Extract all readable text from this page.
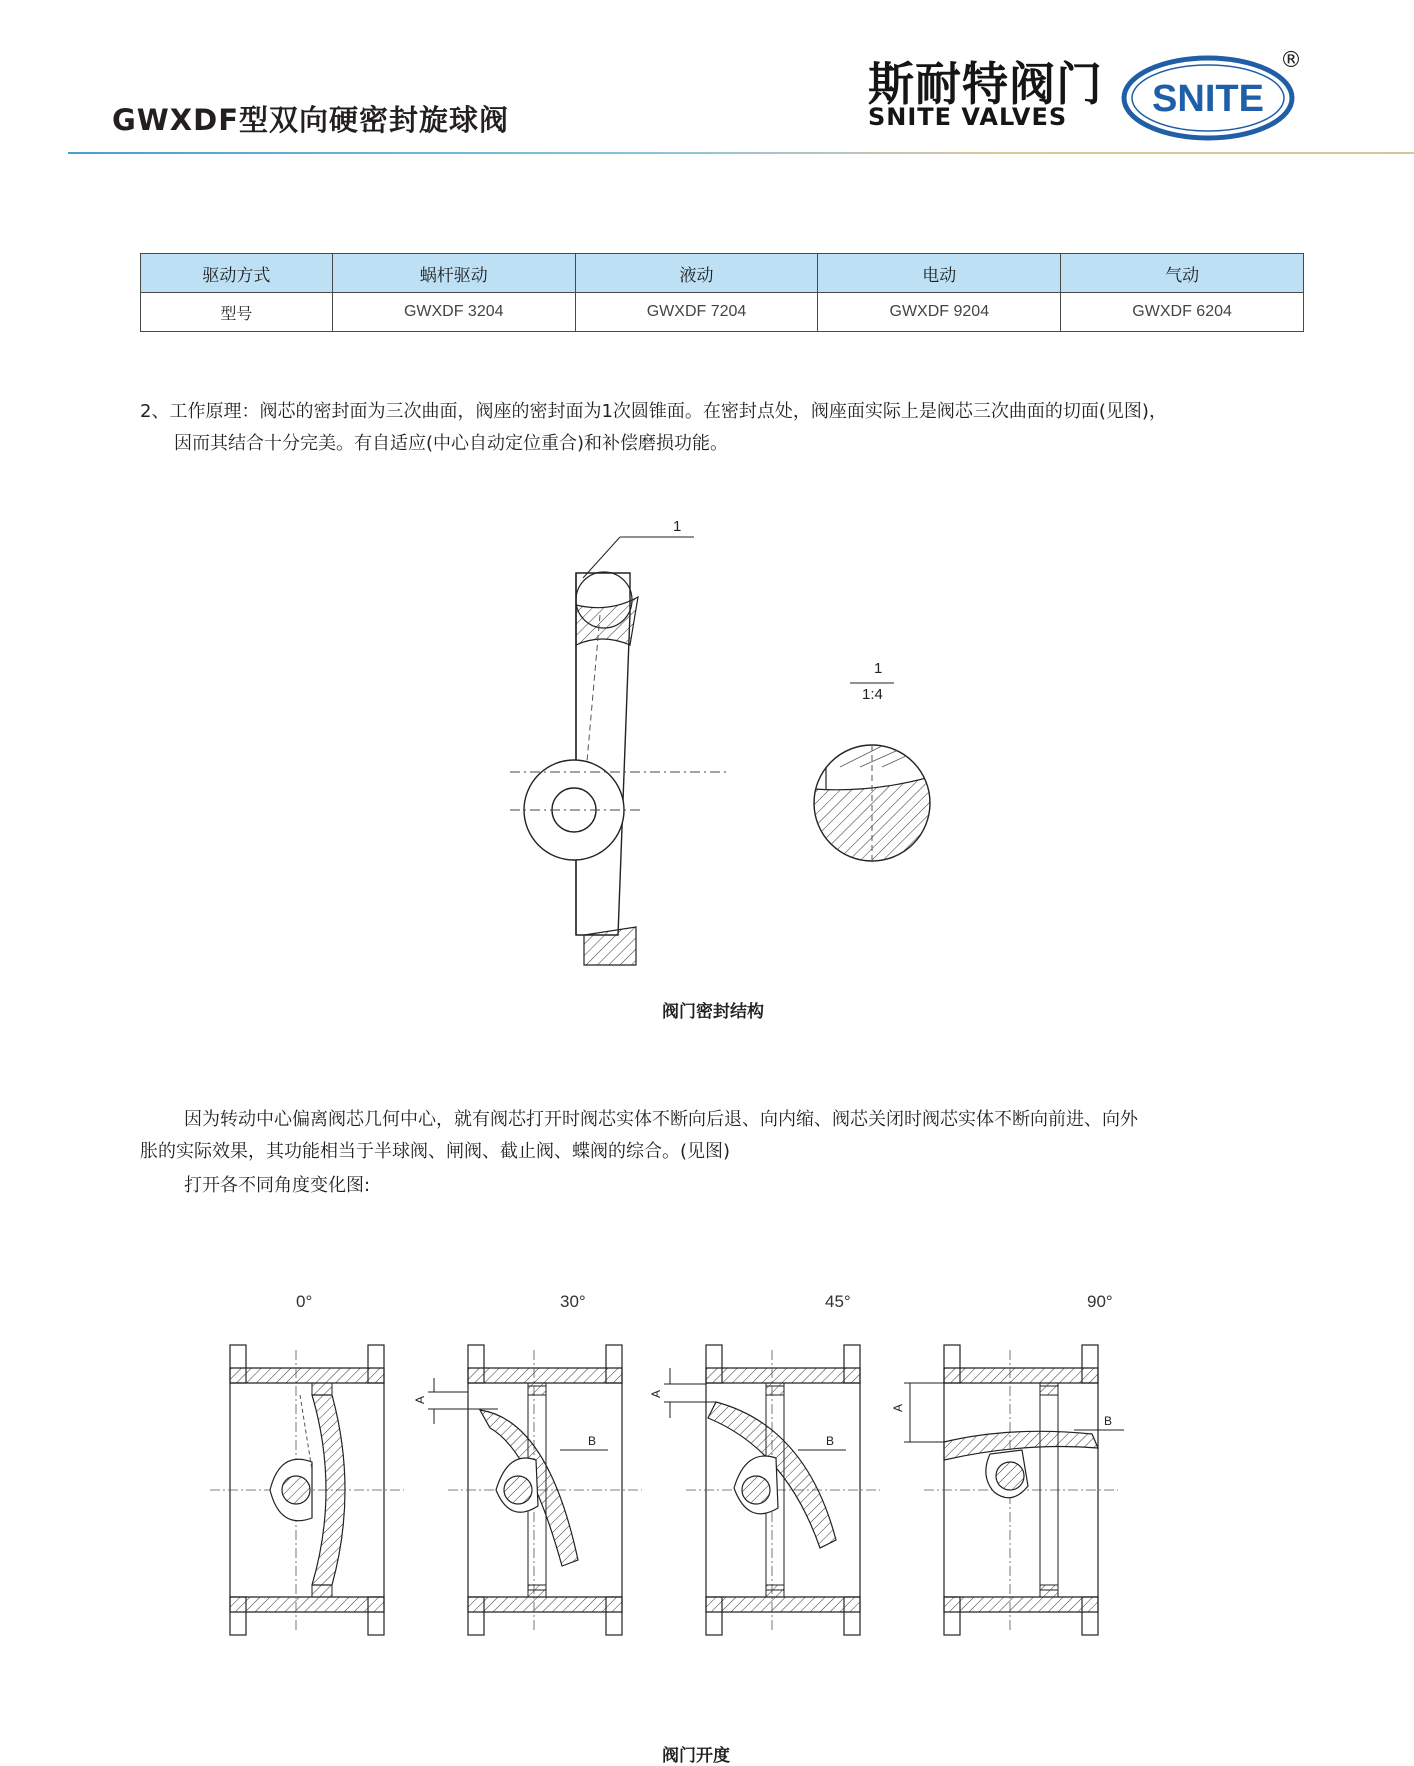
GWXDF型双向硬密封旋球阀
斯耐特阀门
SNITE VALVES SNITE
®
驱动方式	蜗杆驱动	液动	电动	气动
型号	GWXDF 3204	GWXDF 7204	GWXDF 9204	GWXDF 6204
2、工作原理：阀芯的密封面为三次曲面，阀座的密封面为1次圆锥面。在密封点处，阀座面实际上是阀芯三次曲面的切面(见图)，
因而其结合十分完美。有自适应(中心自动定位重合)和补偿磨损功能。
1
1
1:4
阀门密封结构
因为转动中心偏离阀芯几何中心，就有阀芯打开时阀芯实体不断向后退、向内缩、阀芯关闭时阀芯实体不断向前进、向外
胀的实际效果，其功能相当于半球阀、闸阀、截止阀、蝶阀的综合。(见图)
打开各不同角度变化图:
0°	30°	45°	90°
A
B
A
B
A
B
阀门开度
